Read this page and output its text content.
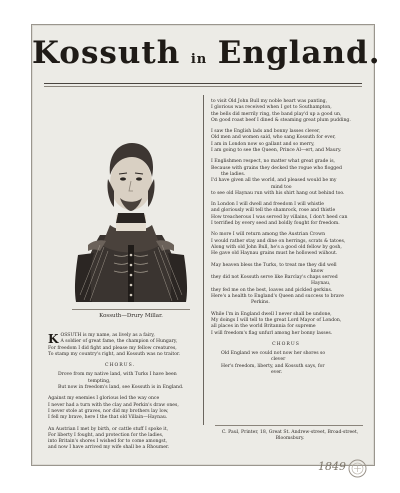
Kossuth in England.
Kossuth—Drury Millar.

K OSSUTH is my name, as lively as a fairy,
A soldier of great fame, the champion of Hungary,
For freedom I did fight and please my fellow creatures,
To stamp my country's right, and Kossuth was no traitor.

CHORUS.

Drove from my native land, with Turks I have been
tempting,
But now in freedom's land, see Kossuth is in England.

Against my enemies I glorious led the way once
I never had a turn with the clay and Perkin's draw ones,
I never stole at graves, nor did my brothers lay low,
I fell my brave, here I the that old Villain—Haynau.

An Austrian I met by birth, or cattle stuff I spoke it,
For liberty I fought, and protection for the ladies,
into Britain's shores I wished for to come amongst,
and now I have arrived my wife shall be a Rhoumer.

to visit Old John Bull my noble heart was panting,
I glorious was received when I got to Southampton,
the bells did merrily ring, the band play'd up a good un,
On good roast beef I dined & steaming great plum pudding.

I saw the English lads and bonny lasses clever,
Old men and women said, who sang Kossuth for ever,
I am in London now so gallant and so merry,
I am going to see the Queen, Prince Al—ert, and Maury.

I Englishmen respect, no matter what great grade is,
Because with grains they decked the rogue who flogged
the ladies.
I'd have given all the world, and pleased would be my
mind too
to see old Haynau run with his shirt hang out behind too.

In London I will dwell and freedom I will whistle
and gloriously will tell the shamrock, rose and thistle
How treacherous I was served by villains, I don't heed can
I terrified by every seed and boldly fought for freedom.

No more I will return among the Austrian Crown
I would rather stay and dine on herrings, scrats & tatoes,
Along with old John Bull, he's a good old fellow by gosh,
He gave old Haynau grains must he hollowed wiihout.

May heaven bless the Turks, to treat me they did well
know
they did not Kossuth serve like Barclay's chaps served
Haynau,
they fed me on the best, loaves and pickled gerkins.
Here's a health to England's Queen and success to brave
Perkins.

While I'm in England dwell I never shall be undone,
My doings I will tell to the great Lord Mayor of London,
all places in the world Britannia for supreme
I will freedom's flag unfurl among her bonny lasses.

CHORUS

Old England we could not now her shores so
clever
Her's freedom, liberty, and Kossuth says, for
ever.

C. Paul, Printer, 18, Great St. Andrew-street, Broad-street,
Bloomsbury.
1849
